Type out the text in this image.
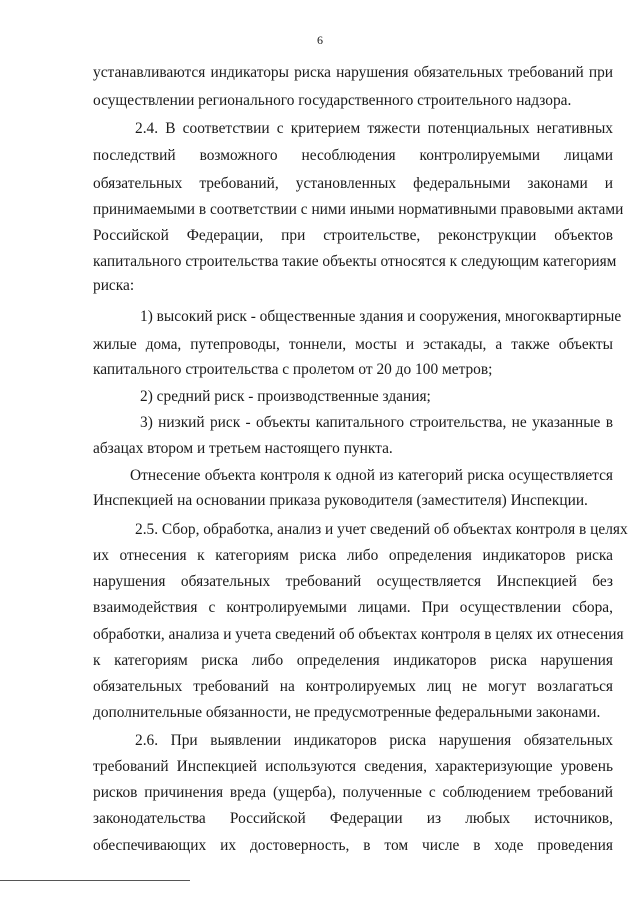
6
устанавливаются индикаторы риска нарушения обязательных требований при
осуществлении регионального государственного строительного надзора.
2.4. В соответствии с критерием тяжести потенциальных негативных
последствий возможного несоблюдения контролируемыми лицами
обязательных требований, установленных федеральными законами и
принимаемыми в соответствии с ними иными нормативными правовыми актами
Российской Федерации, при строительстве, реконструкции объектов
капитального строительства такие объекты относятся к следующим категориям
риска:
1) высокий риск - общественные здания и сооружения, многоквартирные
жилые дома, путепроводы, тоннели, мосты и эстакады, а также объекты
капитального строительства с пролетом от 20 до 100 метров;
2) средний риск - производственные здания;
3) низкий риск - объекты капитального строительства, не указанные в
абзацах втором и третьем настоящего пункта.
Отнесение объекта контроля к одной из категорий риска осуществляется
Инспекцией на основании приказа руководителя (заместителя) Инспекции.
2.5. Сбор, обработка, анализ и учет сведений об объектах контроля в целях
их отнесения к категориям риска либо определения индикаторов риска
нарушения обязательных требований осуществляется Инспекцией без
взаимодействия с контролируемыми лицами. При осуществлении сбора,
обработки, анализа и учета сведений об объектах контроля в целях их отнесения
к категориям риска либо определения индикаторов риска нарушения
обязательных требований на контролируемых лиц не могут возлагаться
дополнительные обязанности, не предусмотренные федеральными законами.
2.6. При выявлении индикаторов риска нарушения обязательных
требований Инспекцией используются сведения, характеризующие уровень
рисков причинения вреда (ущерба), полученные с соблюдением требований
законодательства Российской Федерации из любых источников,
обеспечивающих их достоверность, в том числе в ходе проведения
